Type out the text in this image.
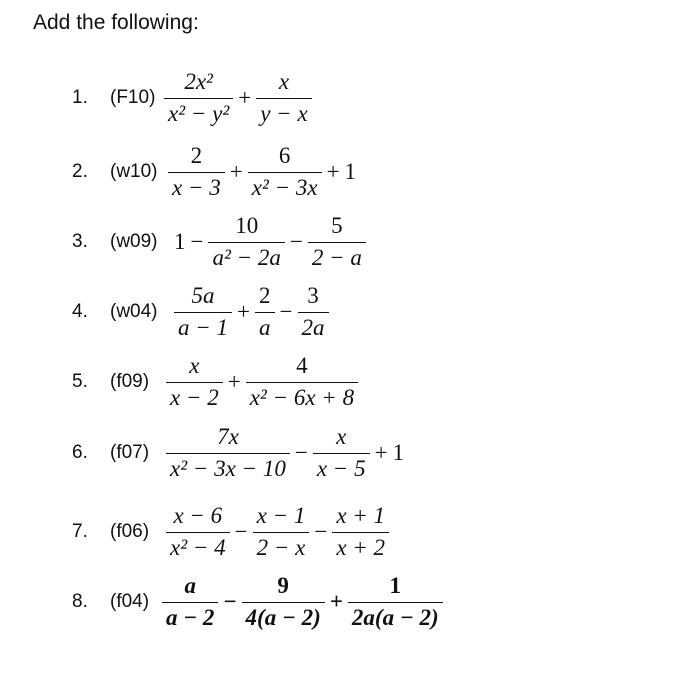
Add the following:
1. $(F10) \frac{\text{2x²}}{\text{x² − y²}} + \frac{x}{y - x}$
2. $(w10) \frac{2}{x - 3} + \frac{6}{\text{x² − 3x}} + 1$
3. (w09) $1 - \frac{10}{\text{a² − 2a}} - \frac{5}{2 - a}$
4. $(w04) \frac{5a}{a - 1} + \frac{2}{a} - \frac{3}{2a}$
5. $(f09) \frac{x}{x - 2} + \frac{4}{\text{x² − 6x + 8}}$
6. $(f07) \frac{7x}{\text{x² − 3x − 10}} - \frac{x}{x - 5} + 1$
7. $(f06) \frac{x - 6}{\text{x² − 4}} - \frac{x - 1}{2 - x} - \frac{x + 1}{x + 2}$
8. $(f04) \frac{a}{a - 2} - \frac{9}{4(a - 2)} + \frac{1}{2a(a - 2)}$
